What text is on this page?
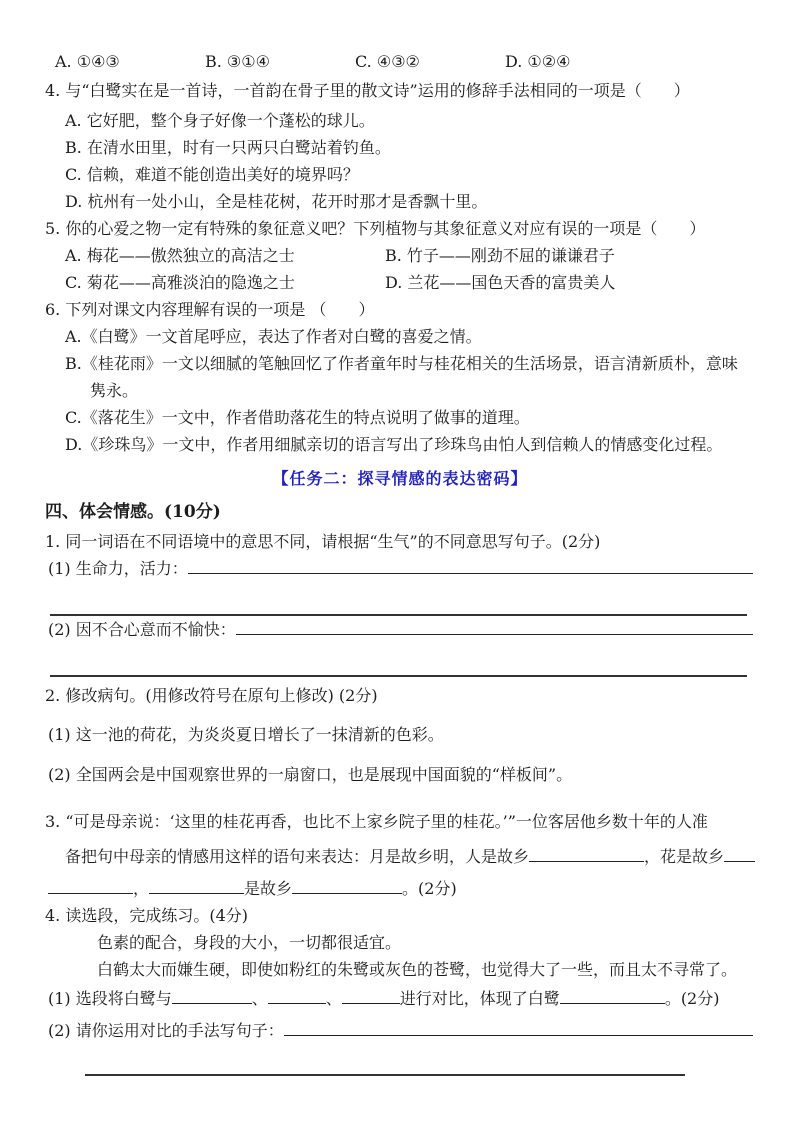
A. ①④③	B. ③①④	C. ④③②	D. ①②④
4. 与“白鹭实在是一首诗，一首韵在骨子里的散文诗”运用的修辞手法相同的一项是（　　）
A. 它好肥，整个身子好像一个蓬松的球儿。
B. 在清水田里，时有一只两只白鹭站着钓鱼。
C. 信赖，难道不能创造出美好的境界吗？
D. 杭州有一处小山，全是桂花树，花开时那才是香飘十里。
5. 你的心爱之物一定有特殊的象征意义吧？下列植物与其象征意义对应有误的一项是（　　）
A. 梅花——傲然独立的高洁之士	B. 竹子——刚劲不屈的谦谦君子
C. 菊花——高雅淡泊的隐逸之士	D. 兰花——国色天香的富贵美人
6. 下列对课文内容理解有误的一项是 （　　）
A.《白鹭》一文首尾呼应，表达了作者对白鹭的喜爱之情。
B.《桂花雨》一文以细腻的笔触回忆了作者童年时与桂花相关的生活场景，语言清新质朴，意味
隽永。
C.《落花生》一文中，作者借助落花生的特点说明了做事的道理。
D.《珍珠鸟》一文中，作者用细腻亲切的语言写出了珍珠鸟由怕人到信赖人的情感变化过程。
【任务二：探寻情感的表达密码】
四、体会情感。(10分)
1. 同一词语在不同语境中的意思不同，请根据“生气”的不同意思写句子。(2分)
(1) 生命力，活力：
(2) 因不合心意而不愉快：
2. 修改病句。(用修改符号在原句上修改) (2分)
(1) 这一池的荷花，为炎炎夏日增长了一抹清新的色彩。
(2) 全国两会是中国观察世界的一扇窗口，也是展现中国面貌的“样板间”。
3. “可是母亲说：‘这里的桂花再香，也比不上家乡院子里的桂花。’”一位客居他乡数十年的人准
备把句中母亲的情感用这样的语句来表达：月是故乡明，人是故乡	，花是故乡
，	是故乡	。(2分)
4. 读选段，完成练习。(4分)
色素的配合，身段的大小，一切都很适宜。
白鹤太大而嫌生硬，即使如粉红的朱鹭或灰色的苍鹭，也觉得大了一些，而且太不寻常了。
(1) 选段将白鹭与	、	、	进行对比，体现了白鹭	。(2分)
(2) 请你运用对比的手法写句子：
